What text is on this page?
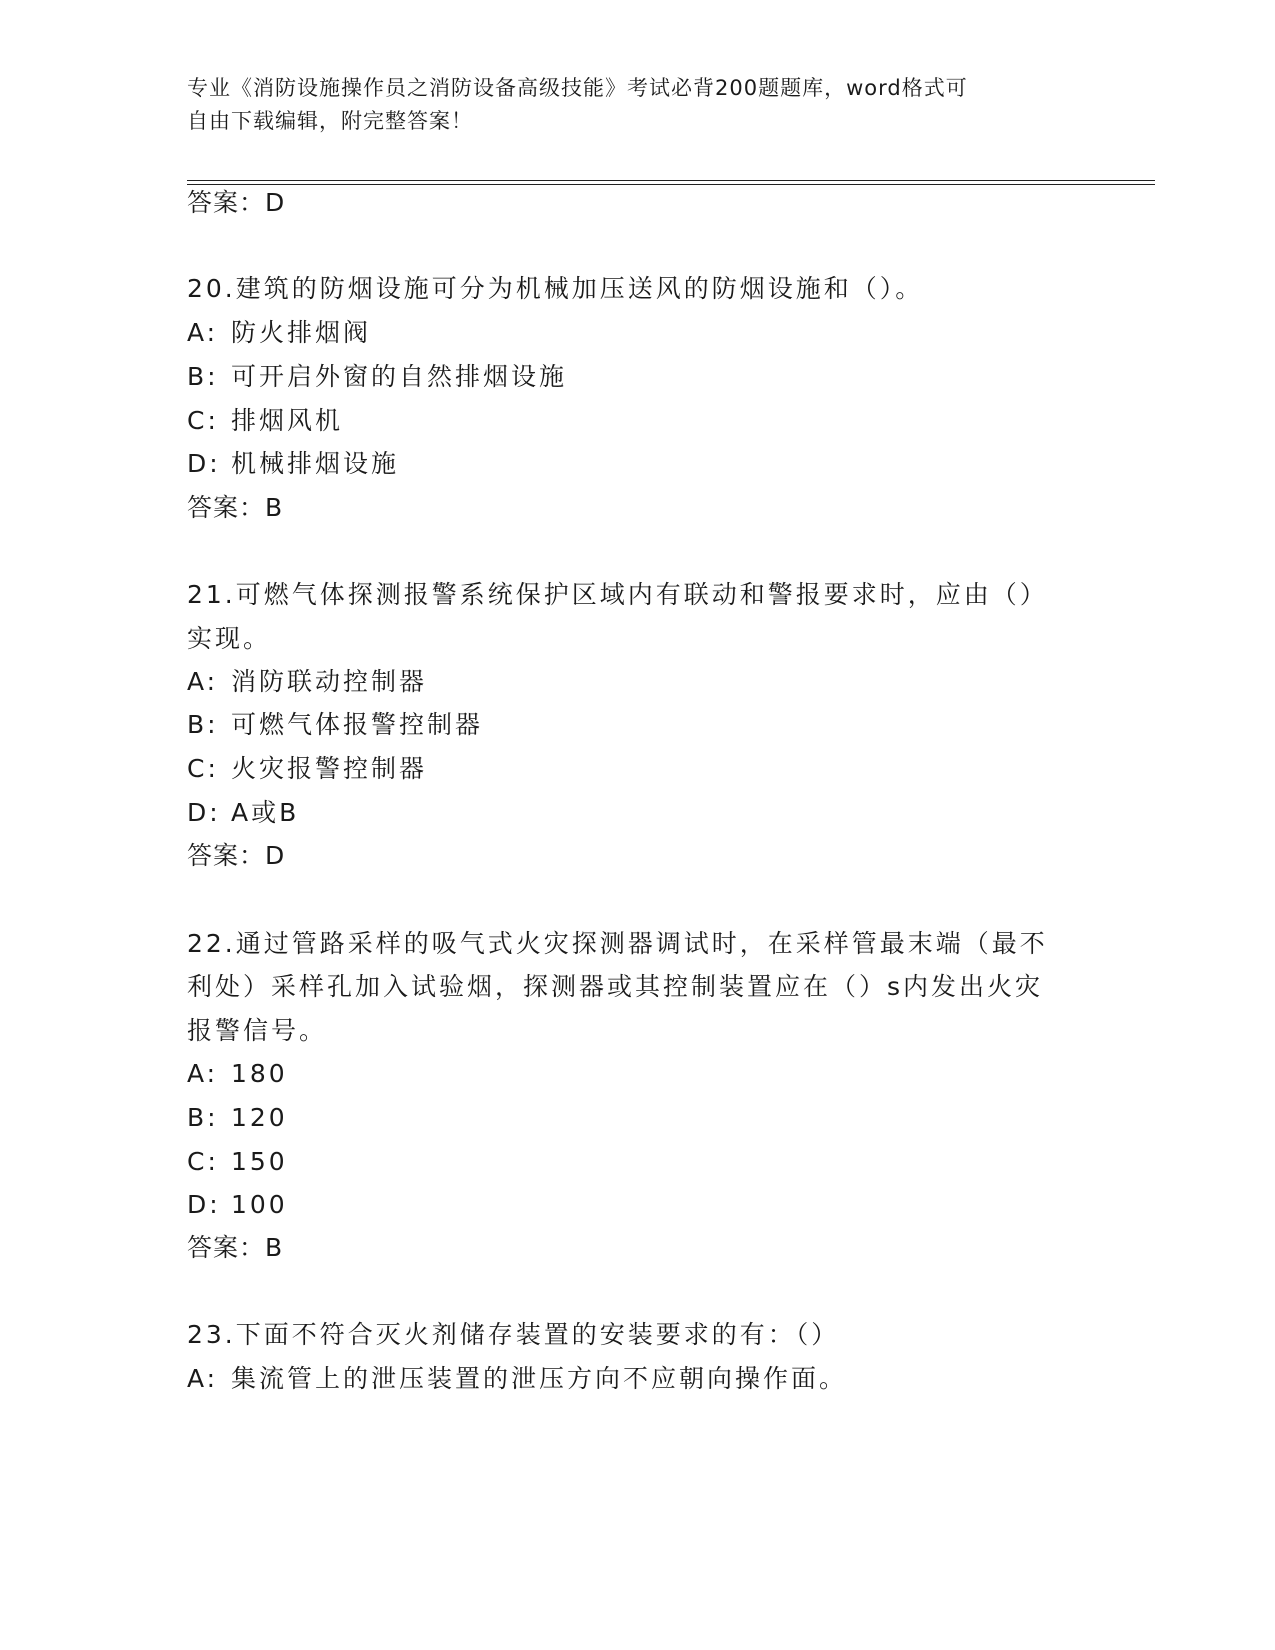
专业《消防设施操作员之消防设备高级技能》考试必背200题题库，word格式可
自由下载编辑，附完整答案！
答案：D
20.建筑的防烟设施可分为机械加压送风的防烟设施和（）。
A: 防火排烟阀
B: 可开启外窗的自然排烟设施
C: 排烟风机
D: 机械排烟设施
答案：B
21.可燃气体探测报警系统保护区域内有联动和警报要求时，应由（）
实现。
A: 消防联动控制器
B: 可燃气体报警控制器
C: 火灾报警控制器
D: A或B
答案：D
22.通过管路采样的吸气式火灾探测器调试时，在采样管最末端（最不
利处）采样孔加入试验烟，探测器或其控制装置应在（）s内发出火灾
报警信号。
A: 180
B: 120
C: 150
D: 100
答案：B
23.下面不符合灭火剂储存装置的安装要求的有：（）
A: 集流管上的泄压装置的泄压方向不应朝向操作面。
